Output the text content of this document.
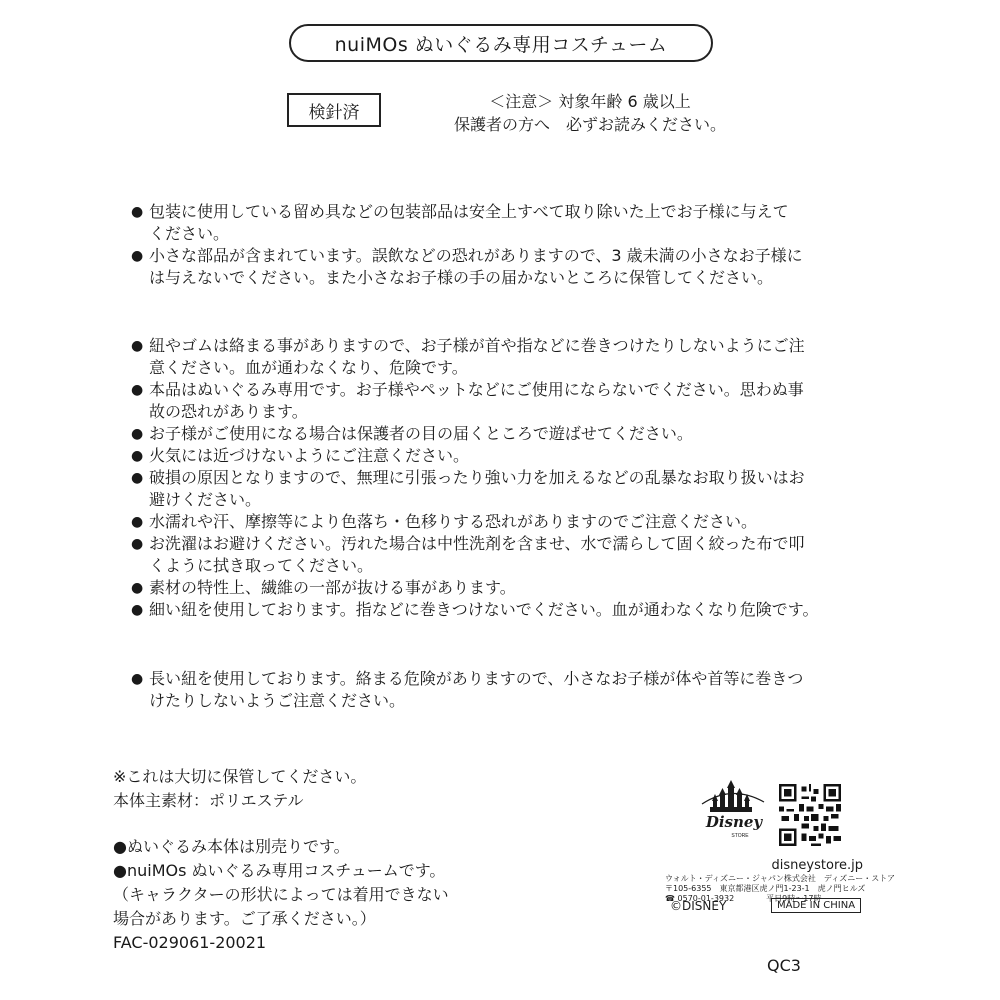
nuiMOs ぬいぐるみ専用コスチューム
検針済
＜注意＞ 対象年齢 6 歳以上
保護者の方へ　必ずお読みください。
● 包装に使用している留め具などの包装部品は安全上すべて取り除いた上でお子様に与えて
ください。
● 小さな部品が含まれています。誤飲などの恐れがありますので、3 歳未満の小さなお子様に
は与えないでください。また小さなお子様の手の届かないところに保管してください。
● 紐やゴムは絡まる事がありますので、お子様が首や指などに巻きつけたりしないようにご注
意ください。血が通わなくなり、危険です。
● 本品はぬいぐるみ専用です。お子様やペットなどにご使用にならないでください。思わぬ事
故の恐れがあります。
● お子様がご使用になる場合は保護者の目の届くところで遊ばせてください。
● 火気には近づけないようにご注意ください。
● 破損の原因となりますので、無理に引張ったり強い力を加えるなどの乱暴なお取り扱いはお
避けください。
● 水濡れや汗、摩擦等により色落ち・色移りする恐れがありますのでご注意ください。
● お洗濯はお避けください。汚れた場合は中性洗剤を含ませ、水で濡らして固く絞った布で叩
くように拭き取ってください。
● 素材の特性上、繊維の一部が抜ける事があります。
● 細い紐を使用しております。指などに巻きつけないでください。血が通わなくなり危険です。
● 長い紐を使用しております。絡まる危険がありますので、小さなお子様が体や首等に巻きつ
けたりしないようご注意ください。
※これは大切に保管してください。
本体主素材：ポリエステル
●ぬいぐるみ本体は別売りです。
●nuiMOs ぬいぐるみ専用コスチュームです。
（キャラクターの形状によっては着用できない
場合があります。ご了承ください。）
FAC-029061-20021
Disney
STORE
disneystore.jp
ウォルト・ディズニー・ジャパン株式会社　ディズニー・ストア
〒105-6355　東京都港区虎ノ門1-23-1　虎ノ門ヒルズ
☎ 0570-01-3932　　　　平日9時～17時
©DISNEY	MADE IN CHINA
QC3
